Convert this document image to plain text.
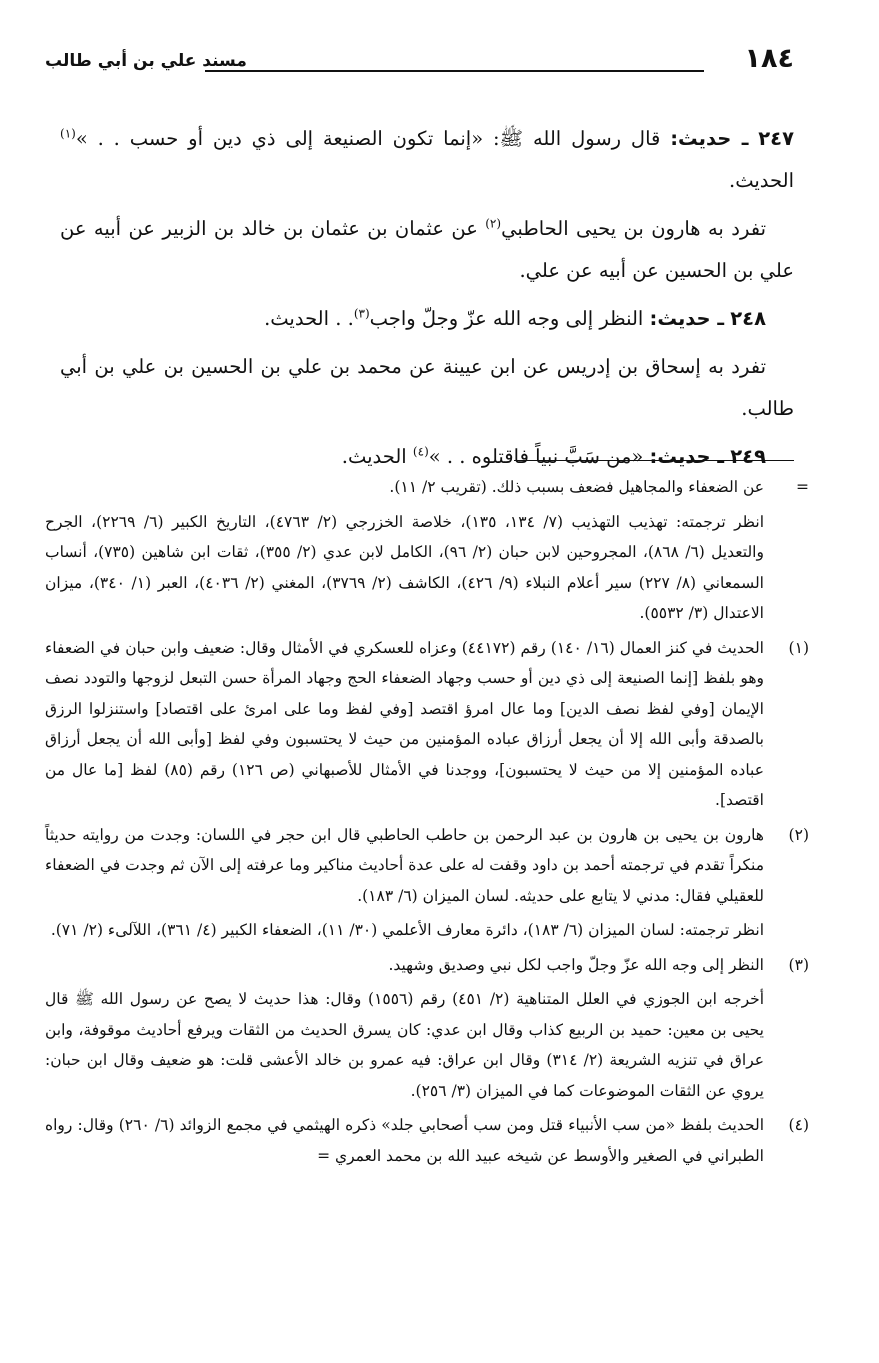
١٨٤
مسند علي بن أبي طالب

٢٤٧ ـ حديث: قال رسول الله ﷺ: «إنما تكون الصنيعة إلى ذي دين أو حسب . . »$^{(١)}$ الحديث.

تفرد به هارون بن يحيى الحاطبي$^{(٢)}$ عن عثمان بن عثمان بن خالد بن الزبير عن أبيه عن علي بن الحسين عن أبيه عن علي.

٢٤٨ ـ حديث: النظر إلى وجه الله عزّ وجلّ واجب$^{(٣)}$. . الحديث.

تفرد به إسحاق بن إدريس عن ابن عيينة عن محمد بن علي بن الحسين بن علي بن أبي طالب.

٢٤٩ ـ حديث: «من سَبَّ نبياً فاقتلوه . . »$^{(٤)}$ الحديث.

=

عن الضعفاء والمجاهيل فضعف بسبب ذلك. (تقريب ٢/ ١١).

انظر ترجمته: تهذيب التهذيب (٧/ ١٣٤، ١٣٥)، خلاصة الخزرجي (٢/ ٤٧٦٣)، التاريخ الكبير (٦/ ٢٢٦٩)، الجرح والتعديل (٦/ ٨٦٨)، المجروحين لابن حبان (٢/ ٩٦)، الكامل لابن عدي (٢/ ٣٥٥)، ثقات ابن شاهين (٧٣٥)، أنساب السمعاني (٨/ ٢٢٧) سير أعلام النبلاء (٩/ ٤٢٦)، الكاشف (٢/ ٣٧٦٩)، المغني (٢/ ٤٠٣٦)، العبر (١/ ٣٤٠)، ميزان الاعتدال (٣/ ٥٥٣٢).

(١)

الحديث في كنز العمال (١٦/ ١٤٠) رقم (٤٤١٧٢) وعزاه للعسكري في الأمثال وقال: ضعيف وابن حبان في الضعفاء وهو بلفظ [إنما الصنيعة إلى ذي دين أو حسب وجهاد الضعفاء الحج وجهاد المرأة حسن التبعل لزوجها والتودد نصف الإيمان [وفي لفظ نصف الدين] وما عال امرؤ اقتصد [وفي لفظ وما على امرئ على اقتصاد] واستنزلوا الرزق بالصدقة وأبى الله إلا أن يجعل أرزاق عباده المؤمنين من حيث لا يحتسبون وفي لفظ [وأبى الله أن يجعل أرزاق عباده المؤمنين إلا من حيث لا يحتسبون]، ووجدنا في الأمثال للأصبهاني (ص ١٢٦) رقم (٨٥) لفظ [ما عال من اقتصد].

(٢)

هارون بن يحيى بن هارون بن عبد الرحمن بن حاطب الحاطبي قال ابن حجر في اللسان: وجدت من روايته حديثاً منكراً تقدم في ترجمته أحمد بن داود وقفت له على عدة أحاديث مناكير وما عرفته إلى الآن ثم وجدت في الضعفاء للعقيلي فقال: مدني لا يتابع على حديثه. لسان الميزان (٦/ ١٨٣).

انظر ترجمته: لسان الميزان (٦/ ١٨٣)، دائرة معارف الأعلمي (٣٠/ ١١)، الضعفاء الكبير (٤/ ٣٦١)، اللآلىء (٢/ ٧١).

(٣)

النظر إلى وجه الله عزّ وجلّ واجب لكل نبي وصديق وشهيد.

أخرجه ابن الجوزي في العلل المتناهية (٢/ ٤٥١) رقم (١٥٥٦) وقال: هذا حديث لا يصح عن رسول الله ﷺ قال يحيى بن معين: حميد بن الربيع كذاب وقال ابن عدي: كان يسرق الحديث من الثقات ويرفع أحاديث موقوفة، وابن عراق في تنزيه الشريعة (٢/ ٣١٤) وقال ابن عراق: فيه عمرو بن خالد الأعشى قلت: هو ضعيف وقال ابن حبان: يروي عن الثقات الموضوعات كما في الميزان (٣/ ٢٥٦).

(٤)

الحديث بلفظ «من سب الأنبياء قتل ومن سب أصحابي جلد» ذكره الهيثمي في مجمع الزوائد (٦/ ٢٦٠) وقال: رواه الطبراني في الصغير والأوسط عن شيخه عبيد الله بن محمد العمري =
